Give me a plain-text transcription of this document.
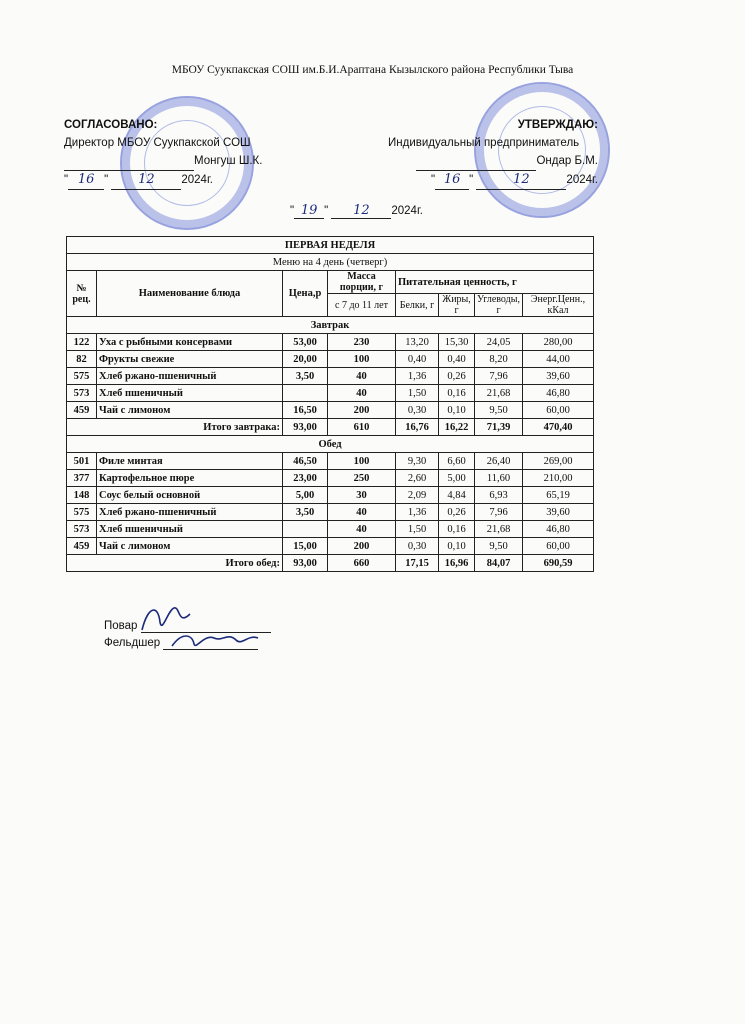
МБОУ Суукпакская СОШ им.Б.И.Араптана Кызылского района Республики Тыва
СОГЛАСОВАНО:
Директор МБОУ Суукпакской СОШ
Монгуш Ш.К.
" 16 " 12 2024г.
УТВЕРЖДАЮ:
Индивидуальный предприниматель
Ондар Б.М.
" 16 "	12	2024г.
" 19 " 12 2024г.
ПЕРВАЯ НЕДЕЛЯ							
Меню на 4 день (четверг)							
№ рец.	Наименование блюда	Цена,р	Масса порции, г	Питательная ценность, г			
			с 7 до 11 лет	Белки, г	Жиры, г	Углеводы, г	Энерг.Ценн., кКал
Завтрак							
122	Уха с рыбными консервами	53,00	230	13,20	15,30	24,05	280,00
82	Фрукты свежие	20,00	100	0,40	0,40	8,20	44,00
575	Хлеб ржано-пшеничный	3,50	40	1,36	0,26	7,96	39,60
573	Хлеб пшеничный		40	1,50	0,16	21,68	46,80
459	Чай с лимоном	16,50	200	0,30	0,10	9,50	60,00
Итого завтрака:		93,00	610	16,76	16,22	71,39	470,40
Обед							
501	Филе минтая	46,50	100	9,30	6,60	26,40	269,00
377	Картофельное пюре	23,00	250	2,60	5,00	11,60	210,00
148	Соус белый основной	5,00	30	2,09	4,84	6,93	65,19
575	Хлеб ржано-пшеничный	3,50	40	1,36	0,26	7,96	39,60
573	Хлеб пшеничный		40	1,50	0,16	21,68	46,80
459	Чай с лимоном	15,00	200	0,30	0,10	9,50	60,00
Итого обед:		93,00	660	17,15	16,96	84,07	690,59
Повар
Фельдшер
